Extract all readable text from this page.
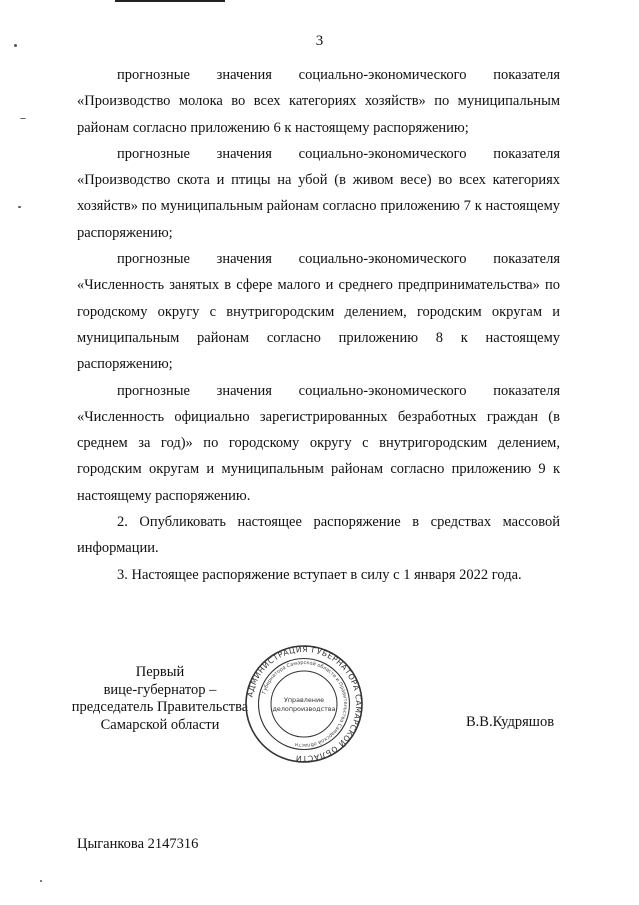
3

прогнозные значения социально-экономического показателя «Производство молока во всех категориях хозяйств» по муниципальным районам согласно приложению 6 к настоящему распоряжению;

прогнозные значения социально-экономического показателя «Производство скота и птицы на убой (в живом весе) во всех категориях хозяйств» по муниципальным районам согласно приложению 7 к настоящему распоряжению;

прогнозные значения социально-экономического показателя «Численность занятых в сфере малого и среднего предпринимательства» по городскому округу с внутригородским делением, городским округам и муниципальным районам согласно приложению 8 к настоящему распоряжению;

прогнозные значения социально-экономического показателя «Численность официально зарегистрированных безработных граждан (в среднем за год)» по городскому округу с внутригородским делением, городским округам и муниципальным районам согласно приложению 9 к настоящему распоряжению.

2. Опубликовать настоящее распоряжение в средствах массовой информации.

3. Настоящее распоряжение вступает в силу с 1 января 2022 года.

Первый
вице-губернатор –
председатель Правительства
Самарской области
АДМИНИСТРАЦИЯ ГУБЕРНАТОРА САМАРСКОЙ ОБЛАСТИ
Губернатора Самарской области и Правительства Самарской области
Управление
делопроизводства
В.В.Кудряшов
Цыганкова 2147316
